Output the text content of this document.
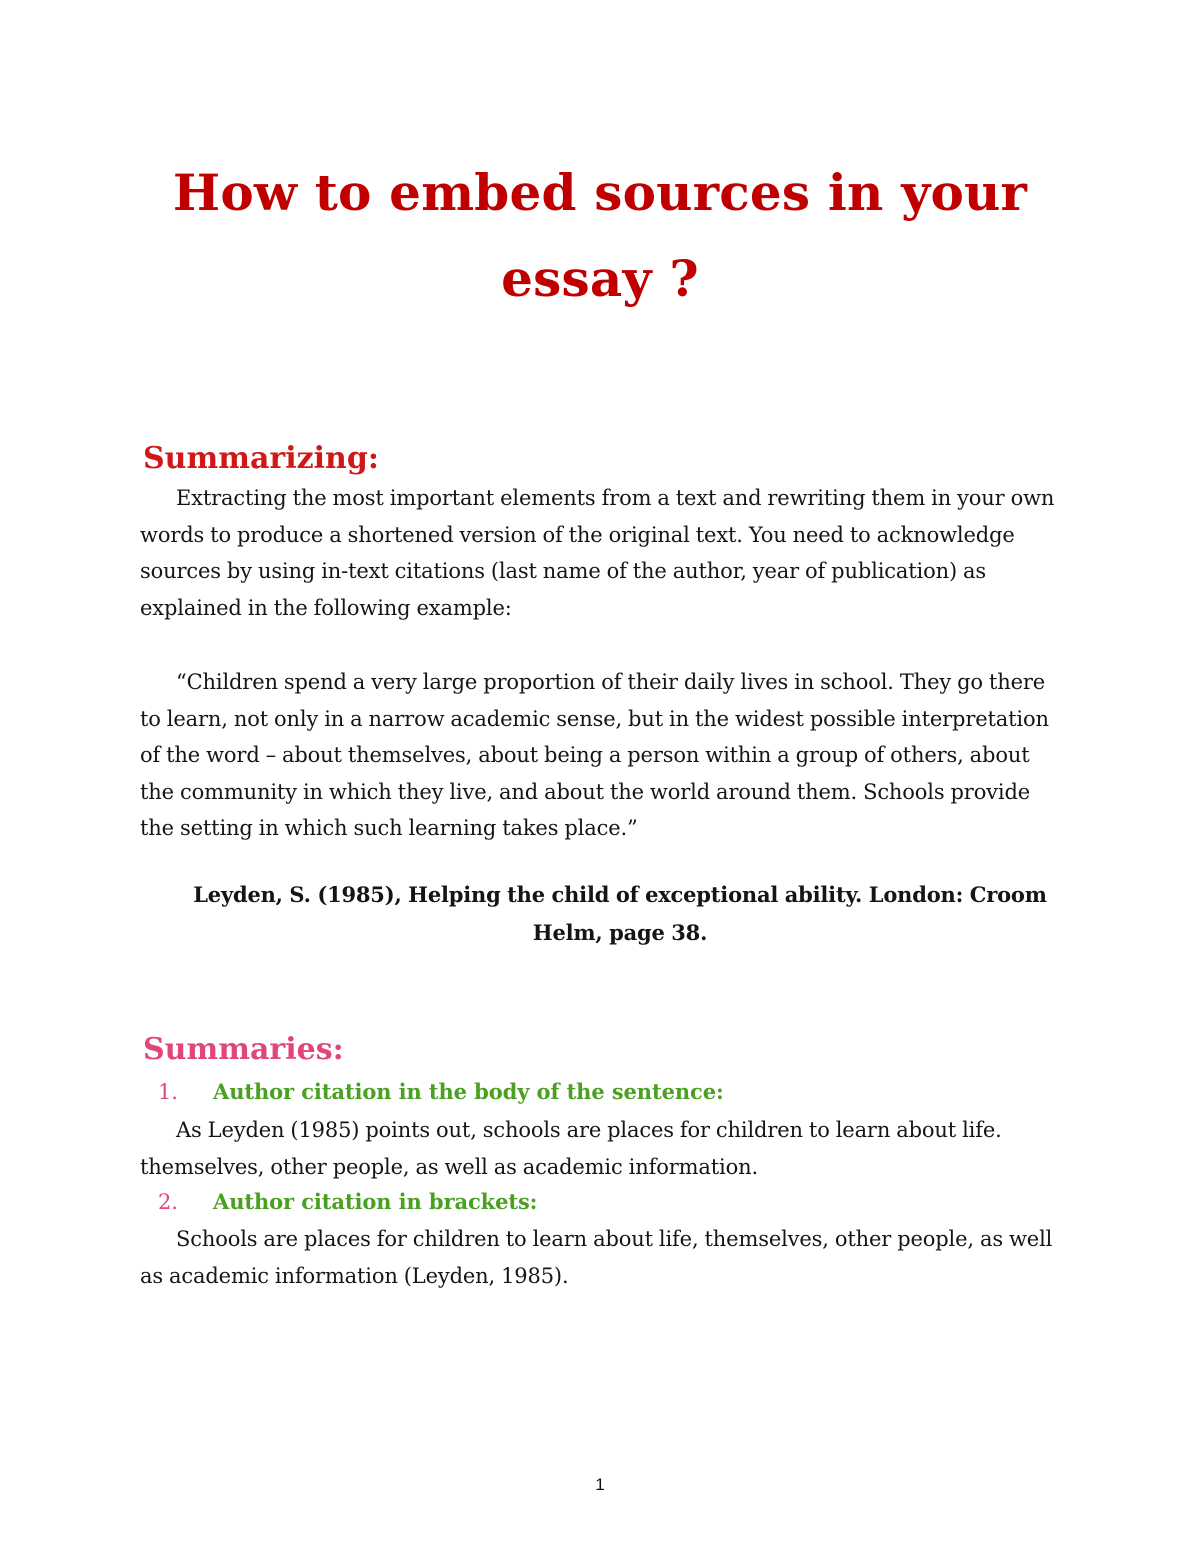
How to embed sources in your essay ?
Summarizing:
Extracting the most important elements from a text and rewriting them in your own words to produce a shortened version of the original text. You need to acknowledge sources by using in-text citations (last name of the author, year of publication) as explained in the following example:
“Children spend a very large proportion of their daily lives in school. They go there to learn, not only in a narrow academic sense, but in the widest possible interpretation of the word – about themselves, about being a person within a group of others, about the community in which they live, and about the world around them. Schools provide the setting in which such learning takes place.”
Leyden, S. (1985), Helping the child of exceptional ability. London: Croom Helm, page 38.
Summaries:
1. Author citation in the body of the sentence:
As Leyden (1985) points out, schools are places for children to learn about life. themselves, other people, as well as academic information.
2. Author citation in brackets:
Schools are places for children to learn about life, themselves, other people, as well as academic information (Leyden, 1985).
1
